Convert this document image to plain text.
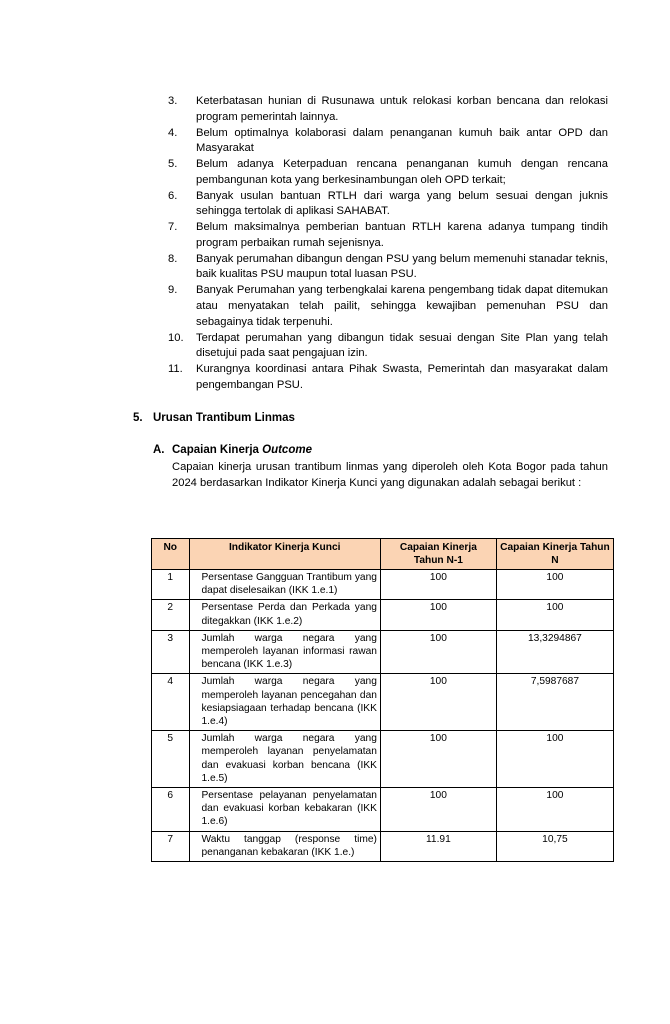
3.	Keterbatasan hunian di Rusunawa untuk relokasi korban bencana dan relokasi program pemerintah lainnya.
4.	Belum optimalnya kolaborasi dalam penanganan kumuh baik antar OPD dan Masyarakat
5.	Belum adanya Keterpaduan rencana penanganan kumuh dengan rencana pembangunan kota yang berkesinambungan oleh OPD terkait;
6.	Banyak usulan bantuan RTLH dari warga yang belum sesuai dengan juknis sehingga tertolak di aplikasi SAHABAT.
7.	Belum maksimalnya pemberian bantuan RTLH karena adanya tumpang tindih program perbaikan rumah sejenisnya.
8.	Banyak perumahan dibangun dengan PSU yang belum memenuhi stanadar teknis, baik kualitas PSU maupun total luasan PSU.
9.	Banyak Perumahan yang terbengkalai karena pengembang tidak dapat ditemukan atau menyatakan telah pailit, sehingga kewajiban pemenuhan PSU dan sebagainya tidak terpenuhi.
10.	Terdapat perumahan yang dibangun tidak sesuai dengan Site Plan yang telah disetujui pada saat pengajuan izin.
11.	Kurangnya koordinasi antara Pihak Swasta, Pemerintah dan masyarakat dalam pengembangan PSU.
5. Urusan Trantibum Linmas
A. Capaian Kinerja Outcome
Capaian kinerja urusan trantibum linmas yang diperoleh oleh Kota Bogor pada tahun 2024 berdasarkan Indikator Kinerja Kunci yang digunakan adalah sebagai berikut :
No	Indikator Kinerja Kunci	Capaian Kinerja Tahun N-1	Capaian Kinerja Tahun N
1	Persentase Gangguan Trantibum yang dapat diselesaikan (IKK 1.e.1)	100	100
2	Persentase Perda dan Perkada yang ditegakkan (IKK 1.e.2)	100	100
3	Jumlah warga negara yang memperoleh layanan informasi rawan bencana (IKK 1.e.3)	100	13,3294867
4	Jumlah warga negara yang memperoleh layanan pencegahan dan kesiapsiagaan terhadap bencana (IKK 1.e.4)	100	7,5987687
5	Jumlah warga negara yang memperoleh layanan penyelamatan dan evakuasi korban bencana (IKK 1.e.5)	100	100
6	Persentase pelayanan penyelamatan dan evakuasi korban kebakaran (IKK 1.e.6)	100	100
7	Waktu tanggap (response time) penanganan kebakaran (IKK 1.e.)	11.91	10,75
